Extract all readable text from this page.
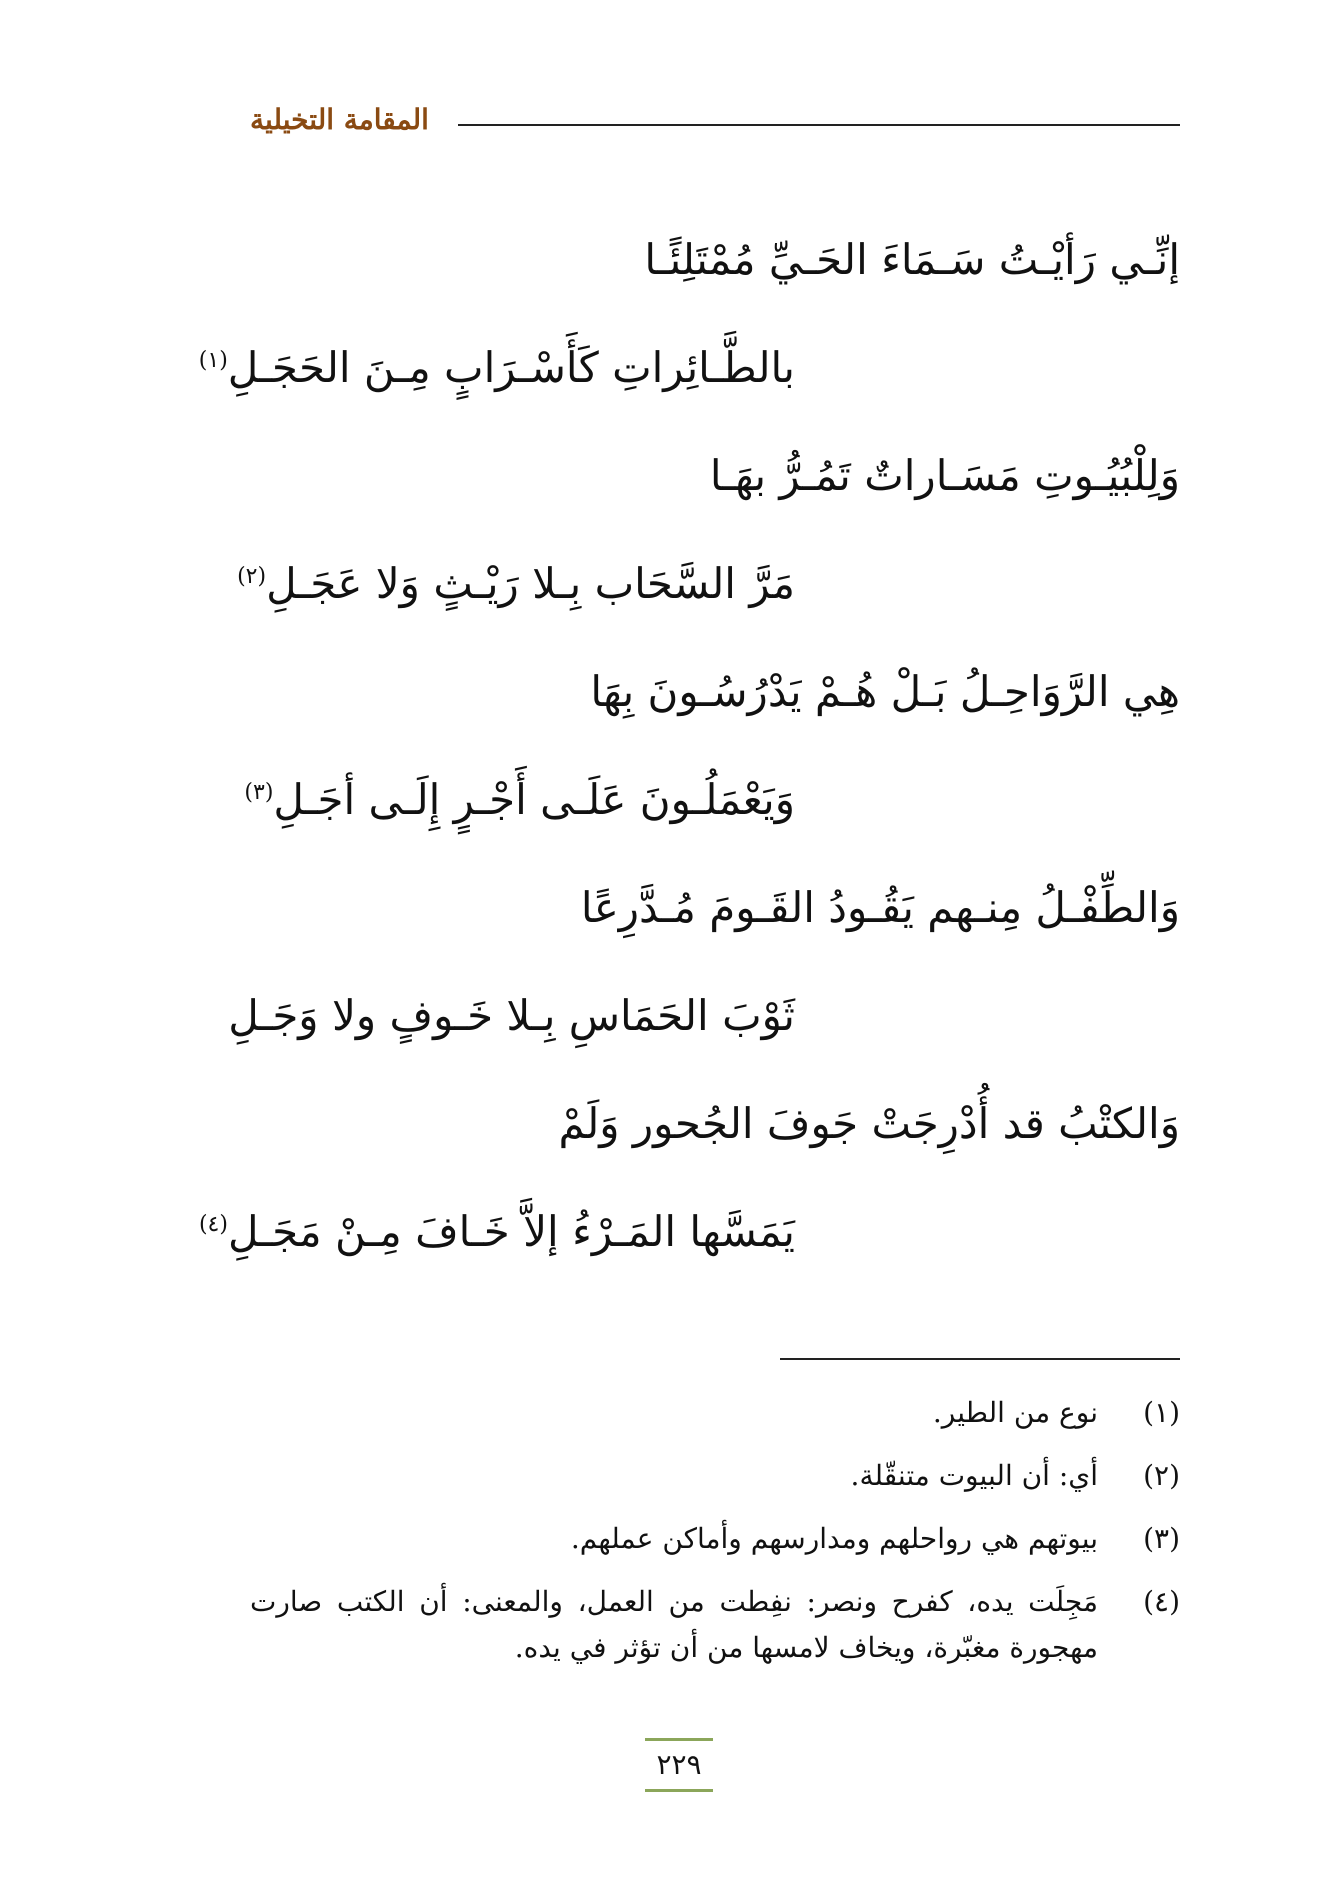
المقامة التخيلية
إنِّـي رَأيْـتُ سَـمَاءَ الحَـيِّ مُمْتَلِئًـا
بالطَّـائِراتِ كَأَسْـرَابٍ مِـنَ الحَجَـلِ$^{(١)}$
وَلِلْبُيُـوتِ مَسَـاراتٌ تَمُـرُّ بهَـا
مَرَّ السَّحَاب بِـلا رَيْـثٍ وَلا عَجَـلِ$^{(٢)}$
هِي الرَّوَاحِـلُ بَـلْ هُـمْ يَدْرُسُـونَ بِهَا
وَيَعْمَلُـونَ عَلَـى أَجْـرٍ إِلَـى أجَـلِ$^{(٣)}$
وَالطِّفْـلُ مِنـهم يَقُـودُ القَـومَ مُـدَّرِعًا
ثَوْبَ الحَمَاسِ بِـلا خَـوفٍ ولا وَجَـلِ
وَالكتْبُ قد أُدْرِجَتْ جَوفَ الجُحور وَلَمْ
يَمَسَّها المَـرْءُ إلاَّ خَـافَ مِـنْ مَجَـلِ$^{(٤)}$
(١)
نوع من الطير.
(٢)
أي: أن البيوت متنقّلة.
(٣)
بيوتهم هي رواحلهم ومدارسهم وأماكن عملهم.
(٤)
مَجِلَت يده، كفرح ونصر: نفِطت من العمل، والمعنى: أن الكتب صارت مهجورة مغبّرة، ويخاف لامسها من أن تؤثر في يده.
٢٢٩
